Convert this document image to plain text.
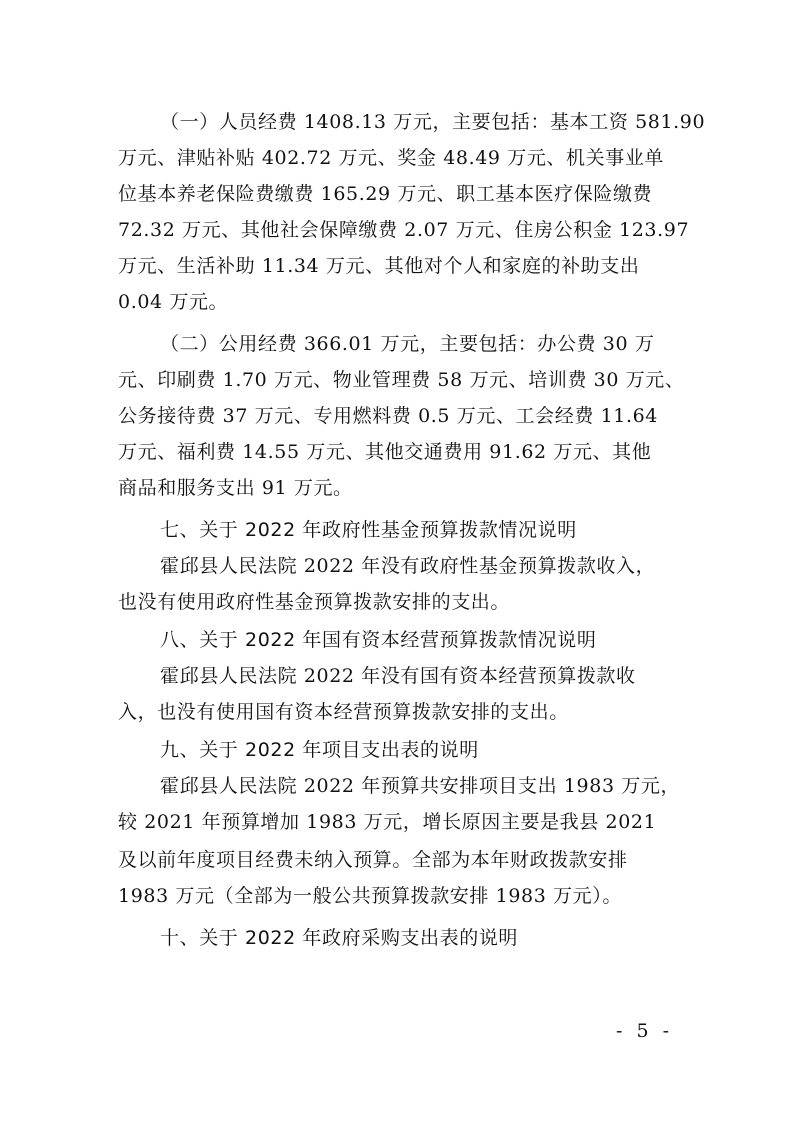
（一）人员经费 1408.13 万元，主要包括：基本工资 581.90
万元、津贴补贴 402.72 万元、奖金 48.49 万元、机关事业单
位基本养老保险费缴费 165.29 万元、职工基本医疗保险缴费
72.32 万元、其他社会保障缴费 2.07 万元、住房公积金 123.97
万元、生活补助 11.34 万元、其他对个人和家庭的补助支出
0.04 万元。
（二）公用经费 366.01 万元，主要包括：办公费 30 万
元、印刷费 1.70 万元、物业管理费 58 万元、培训费 30 万元、
公务接待费 37 万元、专用燃料费 0.5 万元、工会经费 11.64
万元、福利费 14.55 万元、其他交通费用 91.62 万元、其他
商品和服务支出 91 万元。
七、关于 2022 年政府性基金预算拨款情况说明
霍邱县人民法院 2022 年没有政府性基金预算拨款收入，
也没有使用政府性基金预算拨款安排的支出。
八、关于 2022 年国有资本经营预算拨款情况说明
霍邱县人民法院 2022 年没有国有资本经营预算拨款收
入，也没有使用国有资本经营预算拨款安排的支出。
九、关于 2022 年项目支出表的说明
霍邱县人民法院 2022 年预算共安排项目支出 1983 万元，
较 2021 年预算增加 1983 万元，增长原因主要是我县 2021
及以前年度项目经费未纳入预算。全部为本年财政拨款安排
1983 万元（全部为一般公共预算拨款安排 1983 万元）。
十、关于 2022 年政府采购支出表的说明
- 5 -
